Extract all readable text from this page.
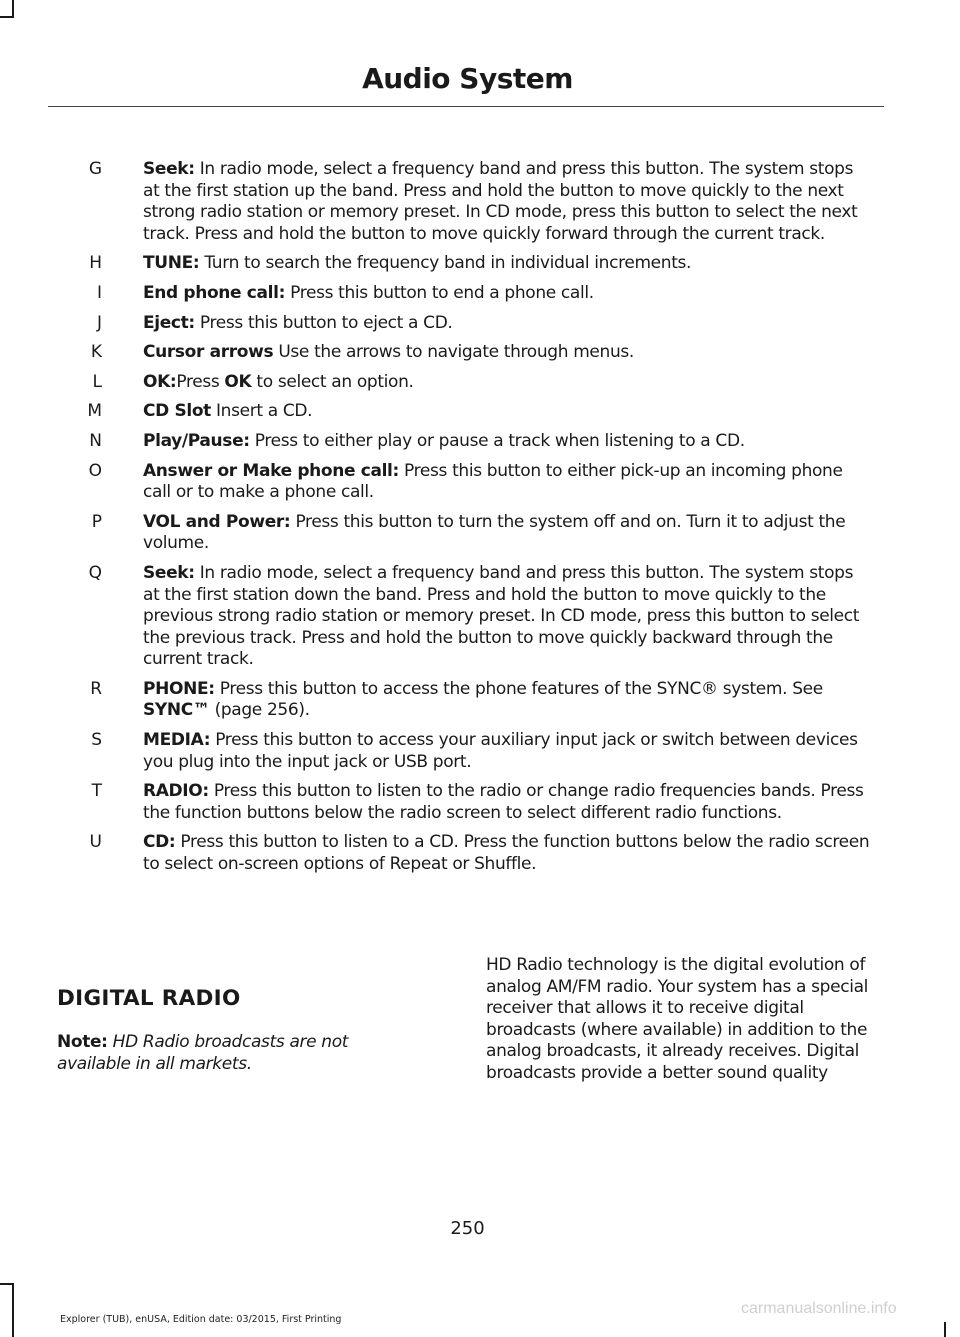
Audio System
G Seek: In radio mode, select a frequency band and press this button. The system stops at the first station up the band. Press and hold the button to move quickly to the next strong radio station or memory preset. In CD mode, press this button to select the next track. Press and hold the button to move quickly forward through the current track.
H TUNE: Turn to search the frequency band in individual increments.
I End phone call: Press this button to end a phone call.
J Eject: Press this button to eject a CD.
K Cursor arrows Use the arrows to navigate through menus.
L OK:Press OK to select an option.
M CD Slot Insert a CD.
N Play/Pause: Press to either play or pause a track when listening to a CD.
O Answer or Make phone call: Press this button to either pick-up an incoming phone call or to make a phone call.
P VOL and Power: Press this button to turn the system off and on. Turn it to adjust the volume.
Q Seek: In radio mode, select a frequency band and press this button. The system stops at the first station down the band. Press and hold the button to move quickly to the previous strong radio station or memory preset. In CD mode, press this button to select the previous track. Press and hold the button to move quickly backward through the current track.
R PHONE: Press this button to access the phone features of the SYNC® system. See SYNC™ (page 256).
S MEDIA: Press this button to access your auxiliary input jack or switch between devices you plug into the input jack or USB port.
T RADIO: Press this button to listen to the radio or change radio frequencies bands. Press the function buttons below the radio screen to select different radio functions.
U CD: Press this button to listen to a CD. Press the function buttons below the radio screen to select on-screen options of Repeat or Shuffle.
DIGITAL RADIO
Note: HD Radio broadcasts are not available in all markets.
HD Radio technology is the digital evolution of analog AM/FM radio. Your system has a special receiver that allows it to receive digital broadcasts (where available) in addition to the analog broadcasts, it already receives. Digital broadcasts provide a better sound quality
250
Explorer (TUB), enUSA, Edition date: 03/2015, First Printing
carmanualsonline.info
